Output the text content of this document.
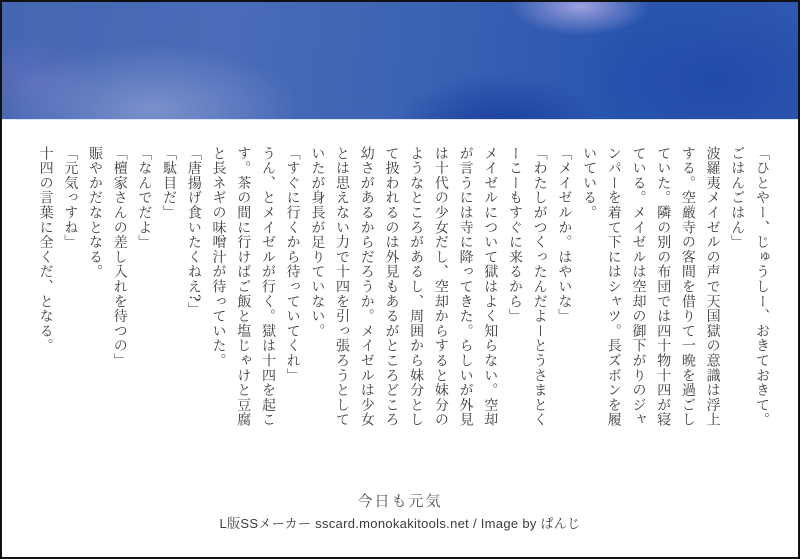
「ひとやー、じゅうしー、おきておきて。
ごはんごはん」
波羅夷メイゼルの声で天国獄の意識は浮上
する。空厳寺の客間を借りて一晩を過ごし
ていた。隣の別の布団では四十物十四が寝
ている。メイゼルは空却の御下がりのジャ
ンパーを着て下にはシャツ。長ズボンを履
いている。
「メイゼルか。はやいな」
「わたしがつくったんだよーとうさまとく
ーこーもすぐに来るから」
メイゼルについて獄はよく知らない。空却
が言うには寺に降ってきた。らしいが外見
は十代の少女だし、空却からすると妹分の
ようなところがあるし、周囲から妹分とし
て扱われるのは外見もあるがところどころ
幼さがあるからだろうか。メイゼルは少女
とは思えない力で十四を引っ張ろうとして
いたが身長が足りていない。
「すぐに行くから待っていてくれ」
うん、とメイゼルが行く。獄は十四を起こ
す。茶の間に行けばご飯と塩じゃけと豆腐
と長ネギの味噌汁が待っていた。
「唐揚げ食いたくねえ?」
「駄目だ」
「なんでだよ」
「檀家さんの差し入れを待つの」
賑やかだなとなる。
「元気っすね」
十四の言葉に全くだ、となる。
今日も元気
L版SSメーカー sscard.monokakitools.net / Image by ぱんじ
